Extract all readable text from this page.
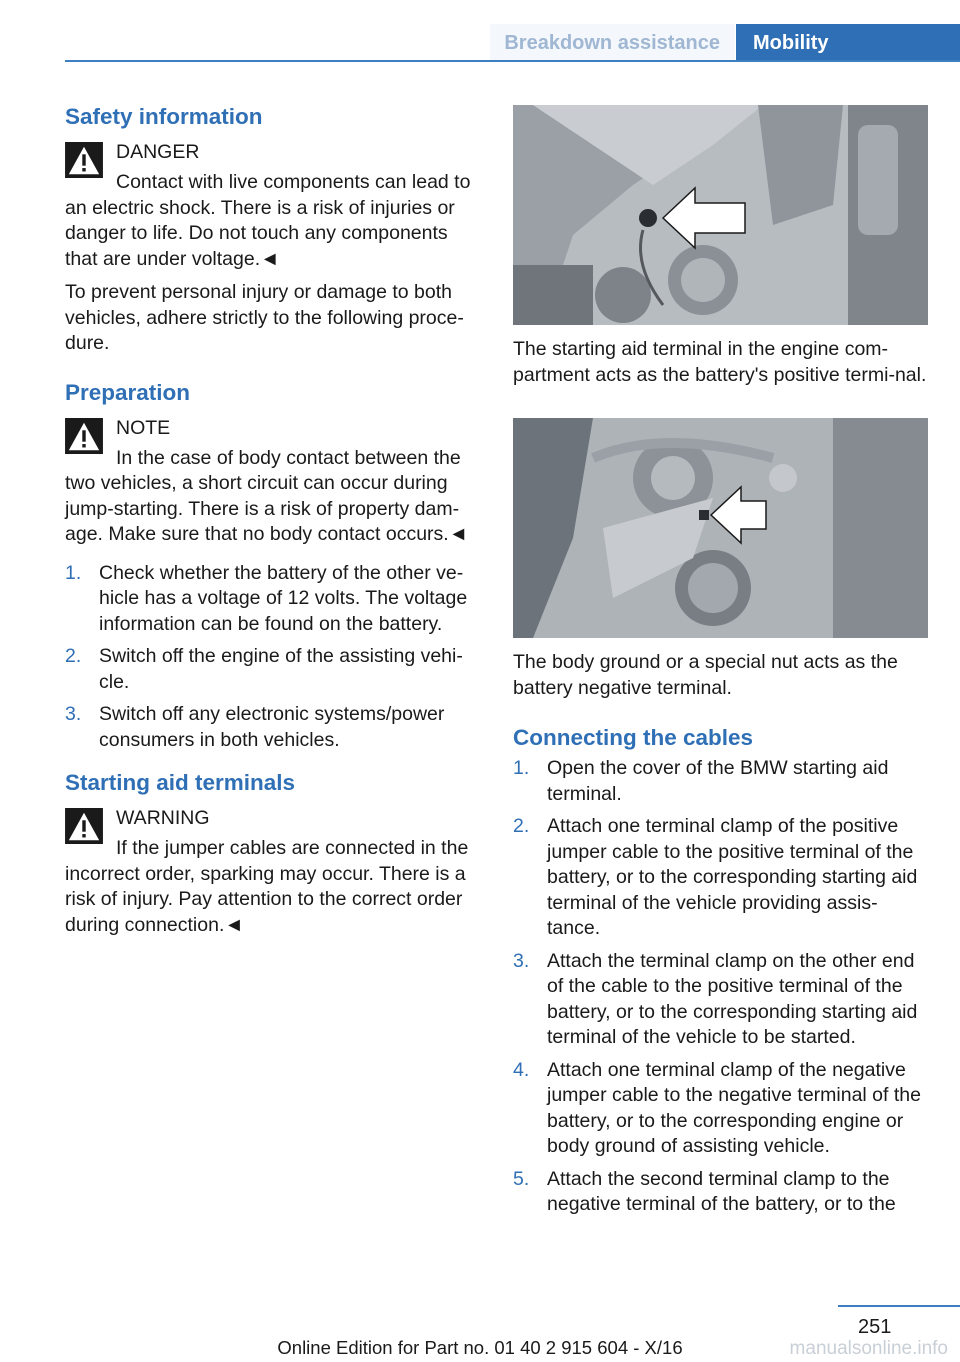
Breakdown assistance Mobility
Safety information
DANGER

Contact with live components can lead to an electric shock. There is a risk of injuries or danger to life. Do not touch any components that are under voltage.◄

To prevent personal injury or damage to both vehicles, adhere strictly to the following proce-dure.

Preparation
NOTE

In the case of body contact between the two vehicles, a short circuit can occur during jump-starting. There is a risk of property dam-age. Make sure that no body contact occurs.◄

1. Check whether the battery of the other ve-hicle has a voltage of 12 volts. The voltage information can be found on the battery.
2. Switch off the engine of the assisting vehi-cle.
3. Switch off any electronic systems/power consumers in both vehicles.
Starting aid terminals
WARNING

If the jumper cables are connected in the incorrect order, sparking may occur. There is a risk of injury. Pay attention to the correct order during connection.◄

The starting aid terminal in the engine com-partment acts as the battery's positive termi-nal.

The body ground or a special nut acts as the battery negative terminal.

Connecting the cables
1. Open the cover of the BMW starting aid terminal.
2. Attach one terminal clamp of the positive jumper cable to the positive terminal of the battery, or to the corresponding starting aid terminal of the vehicle providing assis-tance.
3. Attach the terminal clamp on the other end of the cable to the positive terminal of the battery, or to the corresponding starting aid terminal of the vehicle to be started.
4. Attach one terminal clamp of the negative jumper cable to the negative terminal of the battery, or to the corresponding engine or body ground of assisting vehicle.
5. Attach the second terminal clamp to the negative terminal of the battery, or to the
251
Online Edition for Part no. 01 40 2 915 604 - X/16	manualsonline.info
